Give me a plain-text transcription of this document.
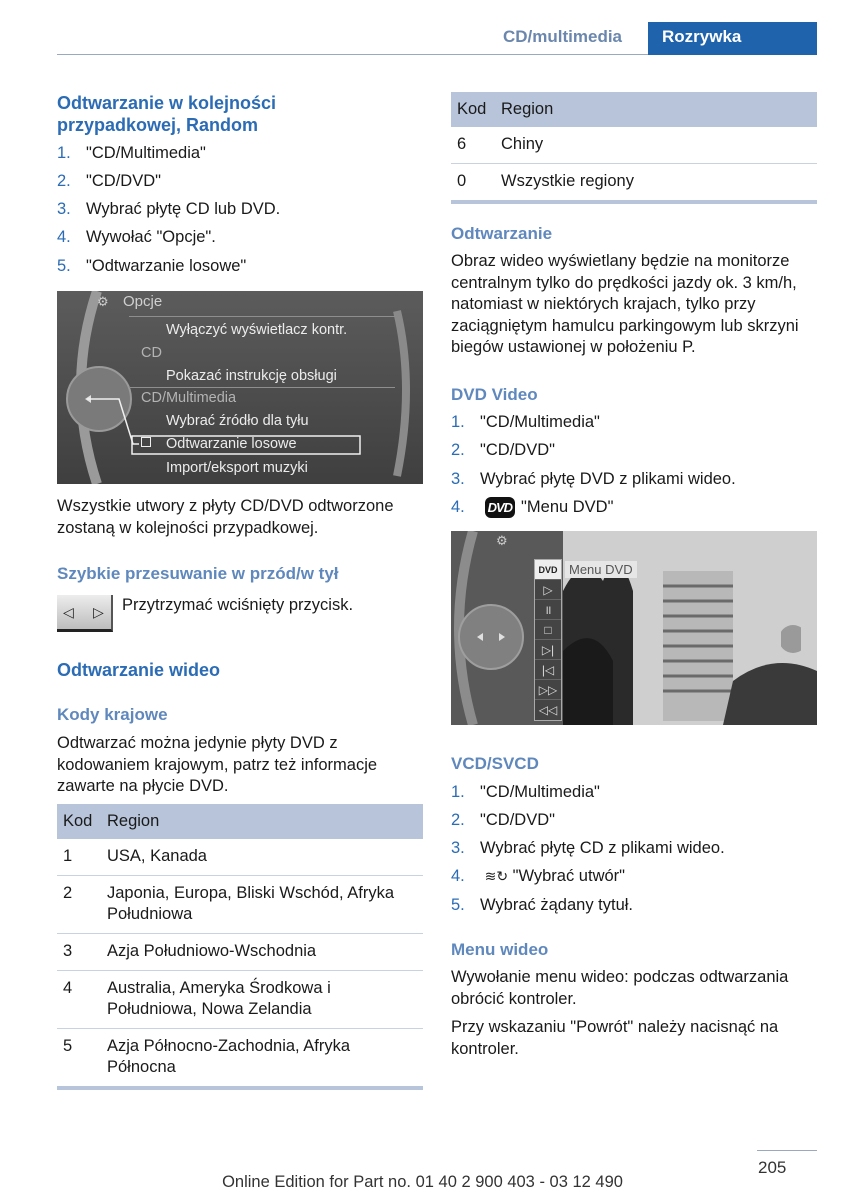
CD/multimedia	Rozrywka
Odtwarzanie w kolejności przypadkowej, Random
1. "CD/Multimedia"
2. "CD/DVD"
3. Wybrać płytę CD lub DVD.
4. Wywołać "Opcje".
5. "Odtwarzanie losowe"
⚙ Opcje
Wyłączyć wyświetlacz kontr.
CD
Pokazać instrukcję obsługi
CD/Multimedia
Wybrać źródło dla tyłu
Odtwarzanie losowe
Import/eksport muzyki
Wszystkie utwory z płyty CD/DVD odtworzone zostaną w kolejności przypadkowej.
Szybkie przesuwanie w przód/w tył
◁ ▷ Przytrzymać wciśnięty przycisk.
Odtwarzanie wideo
Kody krajowe
Odtwarzać można jedynie płyty DVD z kodowaniem krajowym, patrz też informacje zawarte na płycie DVD.
Kod	Region
1	USA, Kanada
2	Japonia, Europa, Bliski Wschód, Afryka Południowa
3	Azja Południowo-Wschodnia
4	Australia, Ameryka Środkowa i Południowa, Nowa Zelandia
5	Azja Północno-Zachodnia, Afryka Północna
Kod	Region
6	Chiny
0	Wszystkie regiony
Odtwarzanie
Obraz wideo wyświetlany będzie na monitorze centralnym tylko do prędkości jazdy ok. 3 km/h, natomiast w niektórych krajach, tylko przy zaciągniętym hamulcu parkingowym lub skrzyni biegów ustawionej w położeniu P.
DVD Video
1. "CD/Multimedia"
2. "CD/DVD"
3. Wybrać płytę DVD z plikami wideo.
4. DVD "Menu DVD"
⚙
DVD
▷
॥
□
▷|
|◁
▷▷
◁◁
Menu DVD
VCD/SVCD
1. "CD/Multimedia"
2. "CD/DVD"
3. Wybrać płytę CD z plikami wideo.
4. ≋↻ "Wybrać utwór"
5. Wybrać żądany tytuł.
Menu wideo
Wywołanie menu wideo: podczas odtwarzania obrócić kontroler.
Przy wskazaniu "Powrót" należy nacisnąć na kontroler.
205
Online Edition for Part no. 01 40 2 900 403 - 03 12 490
